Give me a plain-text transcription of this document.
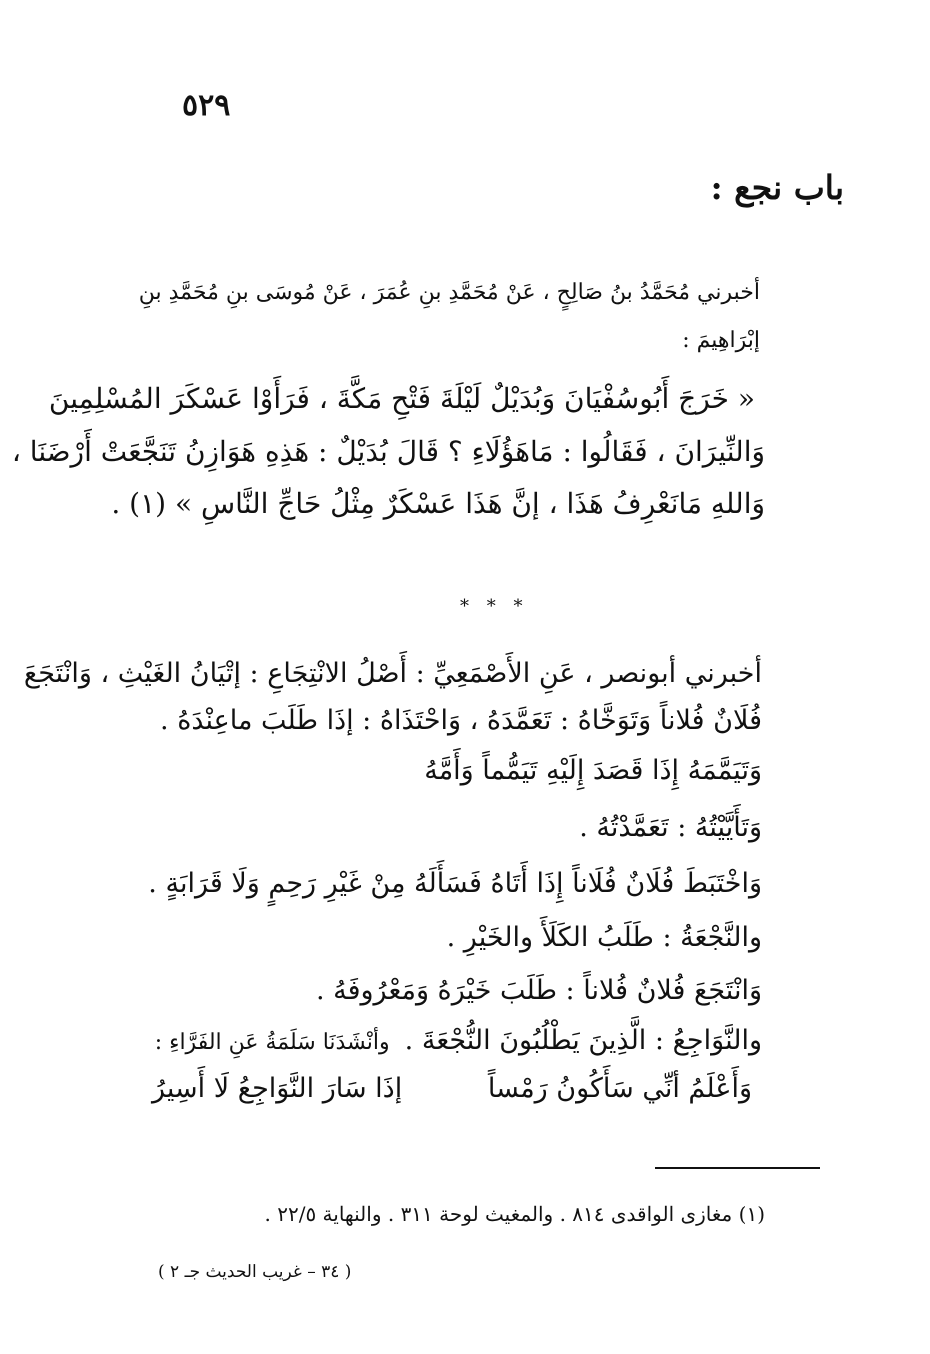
٥٢٩
باب نجع :
أخبرني مُحَمَّدُ بنُ صَالِحٍ ، عَنْ مُحَمَّدِ بنِ عُمَرَ ، عَنْ مُوسَى بنِ مُحَمَّدِ بنِ
إبْرَاهِيمَ :
« خَرَجَ أَبُوسُفْيَانَ وَبُدَيْلٌ لَيْلَةَ فَتْحِ مَكَّةَ ، فَرَأَوْا عَسْكَرَ المُسْلِمِينَ
وَالنِّيرَانَ ، فَقَالُوا : مَاهَؤُلَاءِ ؟ قَالَ بُدَيْلٌ : هَذِهِ هَوَازِنُ تَنَجَّعَتْ أَرْضَنَا ،
وَاللهِ مَانَعْرِفُ هَذَا ، إنَّ هَذَا عَسْكَرٌ مِثْلُ حَاجِّ النَّاسِ » (١) .
* * *
أخبرني أبونصر ، عَنِ الأَصْمَعِيِّ : أَصْلُ الانْتِجَاعِ : إتْيَانُ الغَيْثِ ، وَانْتَجَعَ
فُلَانٌ فُلاناً وَتَوَخَّاهُ : تَعَمَّدَهُ ، وَاحْتَذَاهُ : إذَا طَلَبَ ماعِنْدَهُ .
وَتَيَمَّمَهُ إِذَا قَصَدَ إِلَيْهِ تَيَمُّماً وَأَمَّهُ
وَتَأَيَّيْتُهُ : تَعَمَّدْتُهُ .
وَاخْتَبَطَ فُلَانٌ فُلَاناً إِذَا أَتَاهُ فَسَأَلَهُ مِنْ غَيْرِ رَحِمٍ وَلَا قَرَابَةٍ .
والنَّجْعَةُ : طَلَبُ الكَلَأَ والخَيْرِ .
وَانْتَجَعَ فُلانٌ فُلاناً : طَلَبَ خَيْرَهُ وَمَعْرُوفَهُ .
والنَّوَاجِعُ : الَّذِينَ يَطْلُبُونَ النُّجْعَةَ . وأنْشَدَنَا سَلَمَةُ عَنِ الفَرَّاءِ :
وَأَعْلَمُ أنِّي سَأَكُونُ رَمْساً
إذَا سَارَ النَّوَاجِعُ لَا أَسِيرُ
(١) مغازى الواقدى ٨١٤ . والمغيث لوحة ٣١١ . والنهاية ٢٢/٥ .
( ٣٤ – غريب الحديث جـ ٢ )
